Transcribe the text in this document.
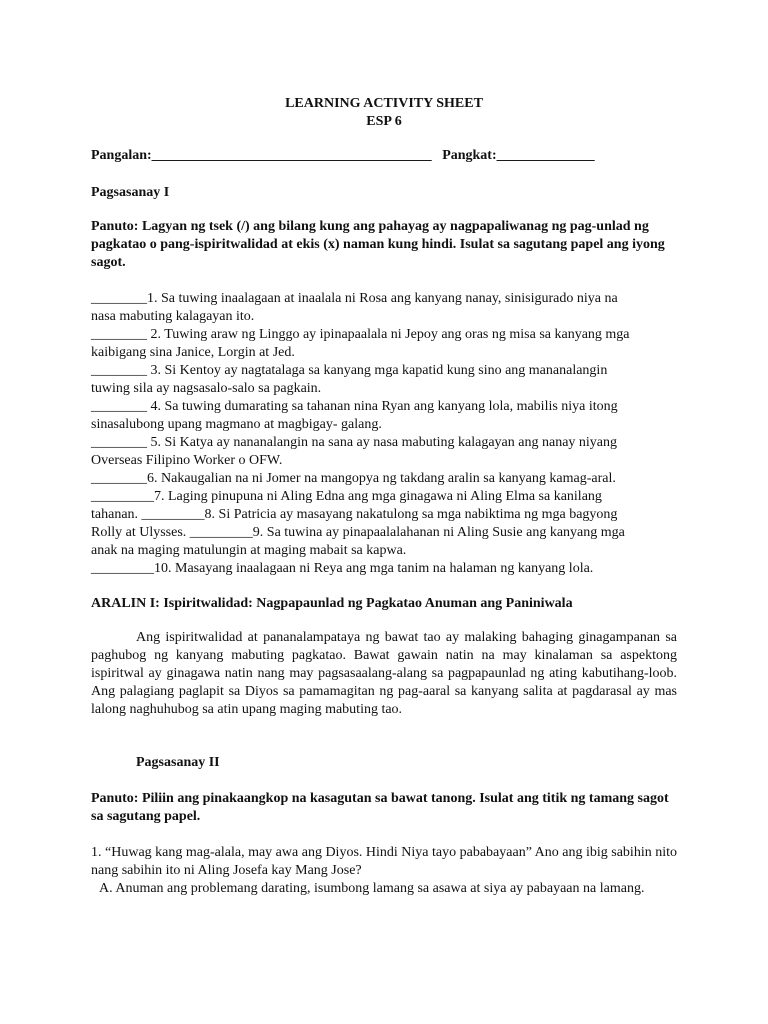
LEARNING ACTIVITY SHEET

ESP 6

Pangalan:________________________________________ Pangkat:______________

Pagsasanay I

Panuto: Lagyan ng tsek (/) ang bilang kung ang pahayag ay nagpapaliwanag ng pag-unlad ng pagkatao o pang-ispiritwalidad at ekis (x) naman kung hindi. Isulat sa sagutang papel ang iyong sagot.

________1. Sa tuwing inaalagaan at inaalala ni Rosa ang kanyang nanay, sinisigurado niya na
nasa mabuting kalagayan ito.
________ 2. Tuwing araw ng Linggo ay ipinapaalala ni Jepoy ang oras ng misa sa kanyang mga
kaibigang sina Janice, Lorgin at Jed.
________ 3. Si Kentoy ay nagtatalaga sa kanyang mga kapatid kung sino ang mananalangin
tuwing sila ay nagsasalo-salo sa pagkain.
________ 4. Sa tuwing dumarating sa tahanan nina Ryan ang kanyang lola, mabilis niya itong
sinasalubong upang magmano at magbigay- galang.
________ 5. Si Katya ay nananalangin na sana ay nasa mabuting kalagayan ang nanay niyang
Overseas Filipino Worker o OFW.
________6. Nakaugalian na ni Jomer na mangopya ng takdang aralin sa kanyang kamag-aral.
_________7. Laging pinupuna ni Aling Edna ang mga ginagawa ni Aling Elma sa kanilang
tahanan. _________8. Si Patricia ay masayang nakatulong sa mga nabiktima ng mga bagyong
Rolly at Ulysses. _________9. Sa tuwina ay pinapaalalahanan ni Aling Susie ang kanyang mga
anak na maging matulungin at maging mabait sa kapwa.
_________10. Masayang inaalagaan ni Reya ang mga tanim na halaman ng kanyang lola.

ARALIN I: Ispiritwalidad: Nagpapaunlad ng Pagkatao Anuman ang Paniniwala

Ang ispiritwalidad at pananalampataya ng bawat tao ay malaking bahaging ginagampanan sa paghubog ng kanyang mabuting pagkatao. Bawat gawain natin na may kinalaman sa aspektong ispiritwal ay ginagawa natin nang may pagsasaalang-alang sa pagpapaunlad ng ating kabutihang-loob. Ang palagiang paglapit sa Diyos sa pamamagitan ng pag-aaral sa kanyang salita at pagdarasal ay mas lalong naghuhubog sa atin upang maging mabuting tao.

Pagsasanay II

Panuto: Piliin ang pinakaangkop na kasagutan sa bawat tanong. Isulat ang titik ng tamang sagot sa sagutang papel.

1. “Huwag kang mag-alala, may awa ang Diyos. Hindi Niya tayo pababayaan” Ano ang ibig sabihin nito nang sabihin ito ni Aling Josefa kay Mang Jose?

A. Anuman ang problemang darating, isumbong lamang sa asawa at siya ay pabayaan na lamang.
